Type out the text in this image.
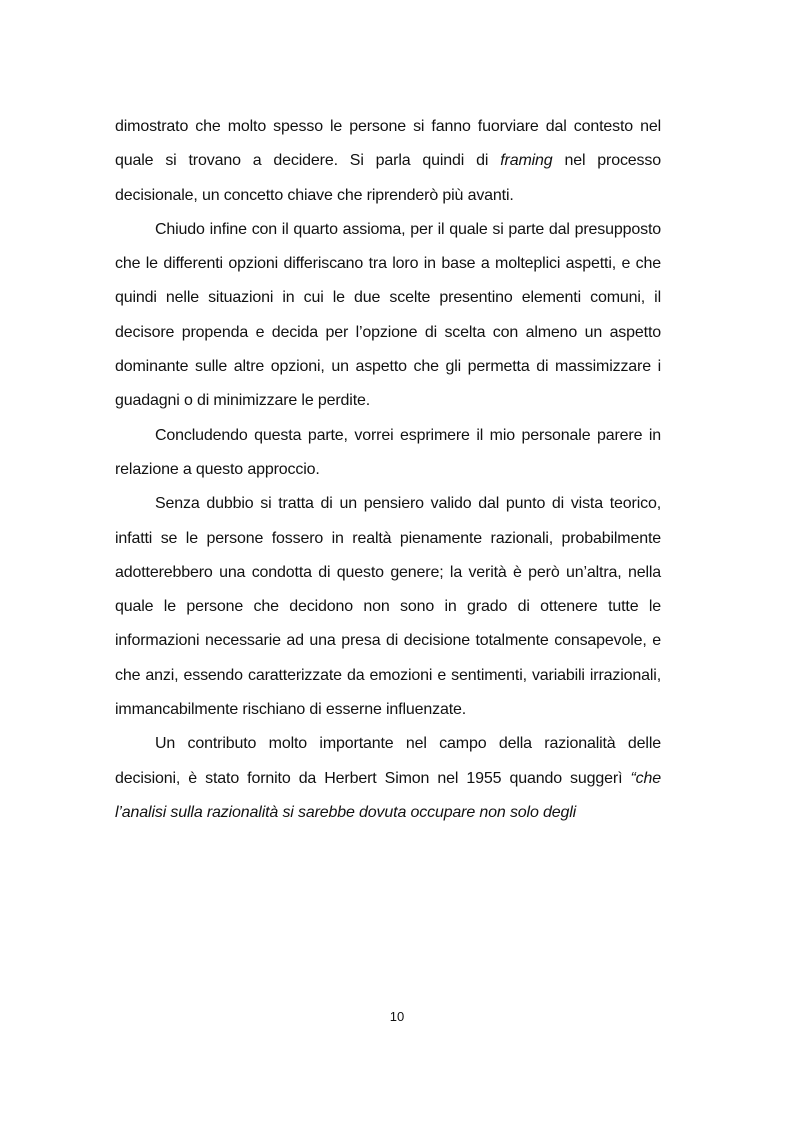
dimostrato che molto spesso le persone si fanno fuorviare dal contesto nel quale si trovano a decidere. Si parla quindi di framing nel processo decisionale, un concetto chiave che riprenderò più avanti.

Chiudo infine con il quarto assioma, per il quale si parte dal presupposto che le differenti opzioni differiscano tra loro in base a molteplici aspetti, e che quindi nelle situazioni in cui le due scelte presentino elementi comuni, il decisore propenda e decida per l’opzione di scelta con almeno un aspetto dominante sulle altre opzioni, un aspetto che gli permetta di massimizzare i guadagni o di minimizzare le perdite.

Concludendo questa parte, vorrei esprimere il mio personale parere in relazione a questo approccio.

Senza dubbio si tratta di un pensiero valido dal punto di vista teorico, infatti se le persone fossero in realtà pienamente razionali, probabilmente adotterebbero una condotta di questo genere; la verità è però un’altra, nella quale le persone che decidono non sono in grado di ottenere tutte le informazioni necessarie ad una presa di decisione totalmente consapevole, e che anzi, essendo caratterizzate da emozioni e sentimenti, variabili irrazionali, immancabilmente rischiano di esserne influenzate.

Un contributo molto importante nel campo della razionalità delle decisioni, è stato fornito da Herbert Simon nel 1955 quando suggerì “che l’analisi sulla razionalità si sarebbe dovuta occupare non solo degli

10
